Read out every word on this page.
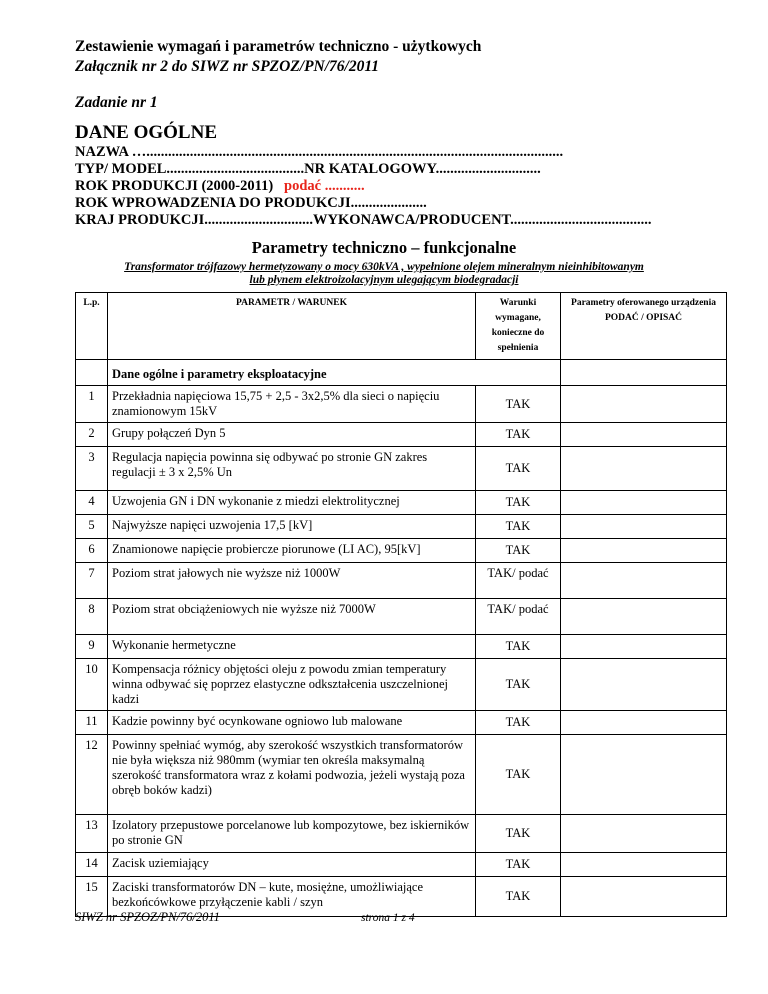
Zestawienie wymagań i parametrów techniczno - użytkowych
Załącznik nr 2 do SIWZ nr SPZOZ/PN/76/2011
Zadanie nr 1
DANE OGÓLNE
NAZWA …...................................................................................................................
TYP/ MODEL......................................NR KATALOGOWY.............................
ROK PRODUKCJI (2000-2011) podać ...........
ROK WPROWADZENIA DO PRODUKCJI.....................
KRAJ PRODUKCJI..............................WYKONAWCA/PRODUCENT.......................................
Parametry techniczno – funkcjonalne
Transformator trójfazowy hermetyzowany o mocy 630kVA , wypełnione olejem mineralnym nieinhibitowanym
lub płynem elektroizolacyjnym ulegającym biodegradacji
L.p.	PARAMETR / WARUNEK	Warunki wymagane, konieczne do spełnienia	Parametry oferowanego urządzenia PODAĆ / OPISAĆ
	Dane ogólne i parametry eksploatacyjne		
1	Przekładnia napięciowa 15,75 + 2,5 - 3x2,5% dla sieci o napięciu znamionowym 15kV	TAK	
2	Grupy połączeń Dyn 5	TAK	
3	Regulacja napięcia powinna się odbywać po stronie GN zakres regulacji ± 3 x 2,5% Un	TAK	
4	Uzwojenia GN i DN wykonanie z miedzi elektrolitycznej	TAK	
5	Najwyższe napięci uzwojenia 17,5 [kV]	TAK	
6	Znamionowe napięcie probiercze piorunowe (LI AC), 95[kV]	TAK	
7	Poziom strat jałowych nie wyższe niż 1000W	TAK/ podać	
8	Poziom strat obciążeniowych nie wyższe niż 7000W	TAK/ podać	
9	Wykonanie hermetyczne	TAK	
10	Kompensacja różnicy objętości oleju z powodu zmian temperatury winna odbywać się poprzez elastyczne odkształcenia uszczelnionej kadzi	TAK	
11	Kadzie powinny być ocynkowane ogniowo lub malowane	TAK	
12	Powinny spełniać wymóg, aby szerokość wszystkich transformatorów nie była większa niż 980mm (wymiar ten określa maksymalną szerokość transformatora wraz z kołami podwozia, jeżeli wystają poza obręb boków kadzi)	TAK	
13	Izolatory przepustowe porcelanowe lub kompozytowe, bez iskierników po stronie GN	TAK	
14	Zacisk uziemiający	TAK	
15	Zaciski transformatorów DN – kute, mosiężne, umożliwiające bezkońcówkowe przyłączenie kabli / szyn	TAK	
SIWZ nr SPZOZ/PN/76/2011	strona 1 z 4
